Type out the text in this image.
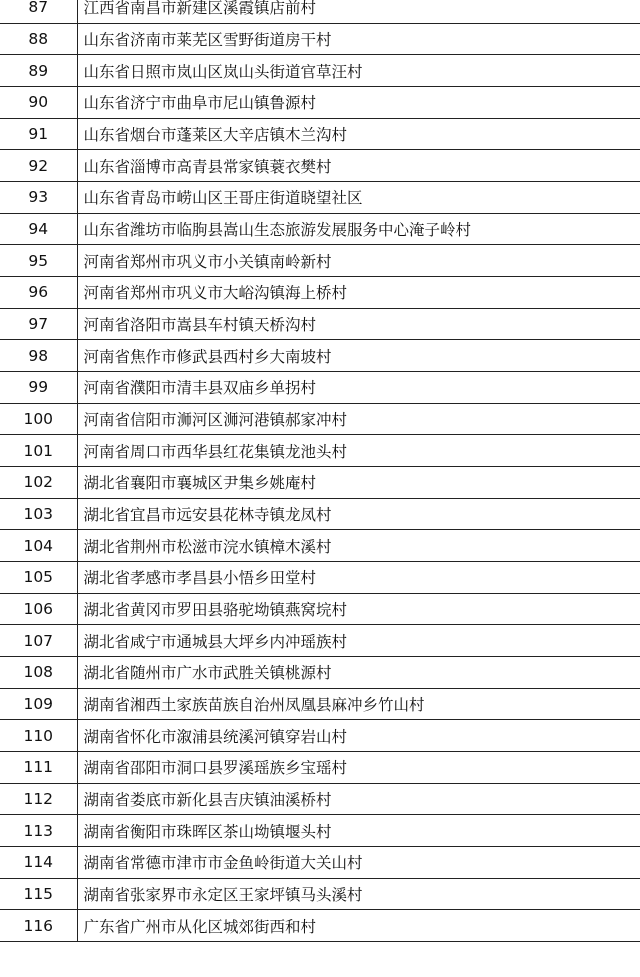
87	江西省南昌市新建区溪霞镇店前村
88	山东省济南市莱芜区雪野街道房干村
89	山东省日照市岚山区岚山头街道官草汪村
90	山东省济宁市曲阜市尼山镇鲁源村
91	山东省烟台市蓬莱区大辛店镇木兰沟村
92	山东省淄博市高青县常家镇蓑衣樊村
93	山东省青岛市崂山区王哥庄街道晓望社区
94	山东省潍坊市临朐县嵩山生态旅游发展服务中心淹子岭村
95	河南省郑州市巩义市小关镇南岭新村
96	河南省郑州市巩义市大峪沟镇海上桥村
97	河南省洛阳市嵩县车村镇天桥沟村
98	河南省焦作市修武县西村乡大南坡村
99	河南省濮阳市清丰县双庙乡单拐村
100	河南省信阳市浉河区浉河港镇郝家冲村
101	河南省周口市西华县红花集镇龙池头村
102	湖北省襄阳市襄城区尹集乡姚庵村
103	湖北省宜昌市远安县花林寺镇龙凤村
104	湖北省荆州市松滋市浣水镇樟木溪村
105	湖北省孝感市孝昌县小悟乡田堂村
106	湖北省黄冈市罗田县骆驼坳镇燕窝垸村
107	湖北省咸宁市通城县大坪乡内冲瑶族村
108	湖北省随州市广水市武胜关镇桃源村
109	湖南省湘西土家族苗族自治州凤凰县麻冲乡竹山村
110	湖南省怀化市溆浦县统溪河镇穿岩山村
111	湖南省邵阳市洞口县罗溪瑶族乡宝瑶村
112	湖南省娄底市新化县吉庆镇油溪桥村
113	湖南省衡阳市珠晖区茶山坳镇堰头村
114	湖南省常德市津市市金鱼岭街道大关山村
115	湖南省张家界市永定区王家坪镇马头溪村
116	广东省广州市从化区城郊街西和村
